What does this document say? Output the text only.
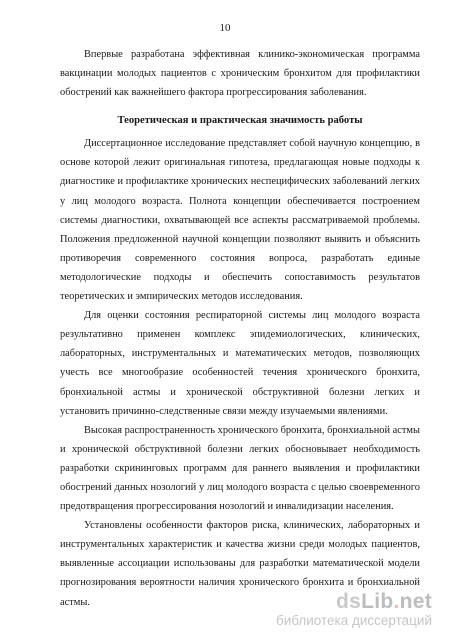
10

Впервые разработана эффективная клинико-экономическая программа вакцинации молодых пациентов с хроническим бронхитом для профилактики обострений как важнейшего фактора прогрессирования заболевания.

Теоретическая и практическая значимость работы

Диссертационное исследование представляет собой научную концепцию, в основе которой лежит оригинальная гипотеза, предлагающая новые подходы к диагностике и профилактике хронических неспецифических заболеваний легких у лиц молодого возраста. Полнота концепции обеспечивается построением системы диагностики, охватывающей все аспекты рассматриваемой проблемы. Положения предложенной научной концепции позволяют выявить и объяснить противоречия современного состояния вопроса, разработать единые методологические подходы и обеспечить сопоставимость результатов теоретических и эмпирических методов исследования.

Для оценки состояния респираторной системы лиц молодого возраста результативно применен комплекс эпидемиологических, клинических, лабораторных, инструментальных и математических методов, позволяющих учесть все многообразие особенностей течения хронического бронхита, бронхиальной астмы и хронической обструктивной болезни легких и установить причинно-следственные связи между изучаемыми явлениями.

Высокая распространенность хронического бронхита, бронхиальной астмы и хронической обструктивной болезни легких обосновывает необходимость разработки скрининговых программ для раннего выявления и профилактики обострений данных нозологий у лиц молодого возраста с целью своевременного предотвращения прогрессирования нозологий и инвалидизации населения.

Установлены особенности факторов риска, клинических, лабораторных и инструментальных характеристик и качества жизни среди молодых пациентов, выявленные ассоциации использованы для разработки математической модели прогнозирования вероятности наличия хронического бронхита и бронхиальной астмы.	dsLib.net
библиотека диссертаций
